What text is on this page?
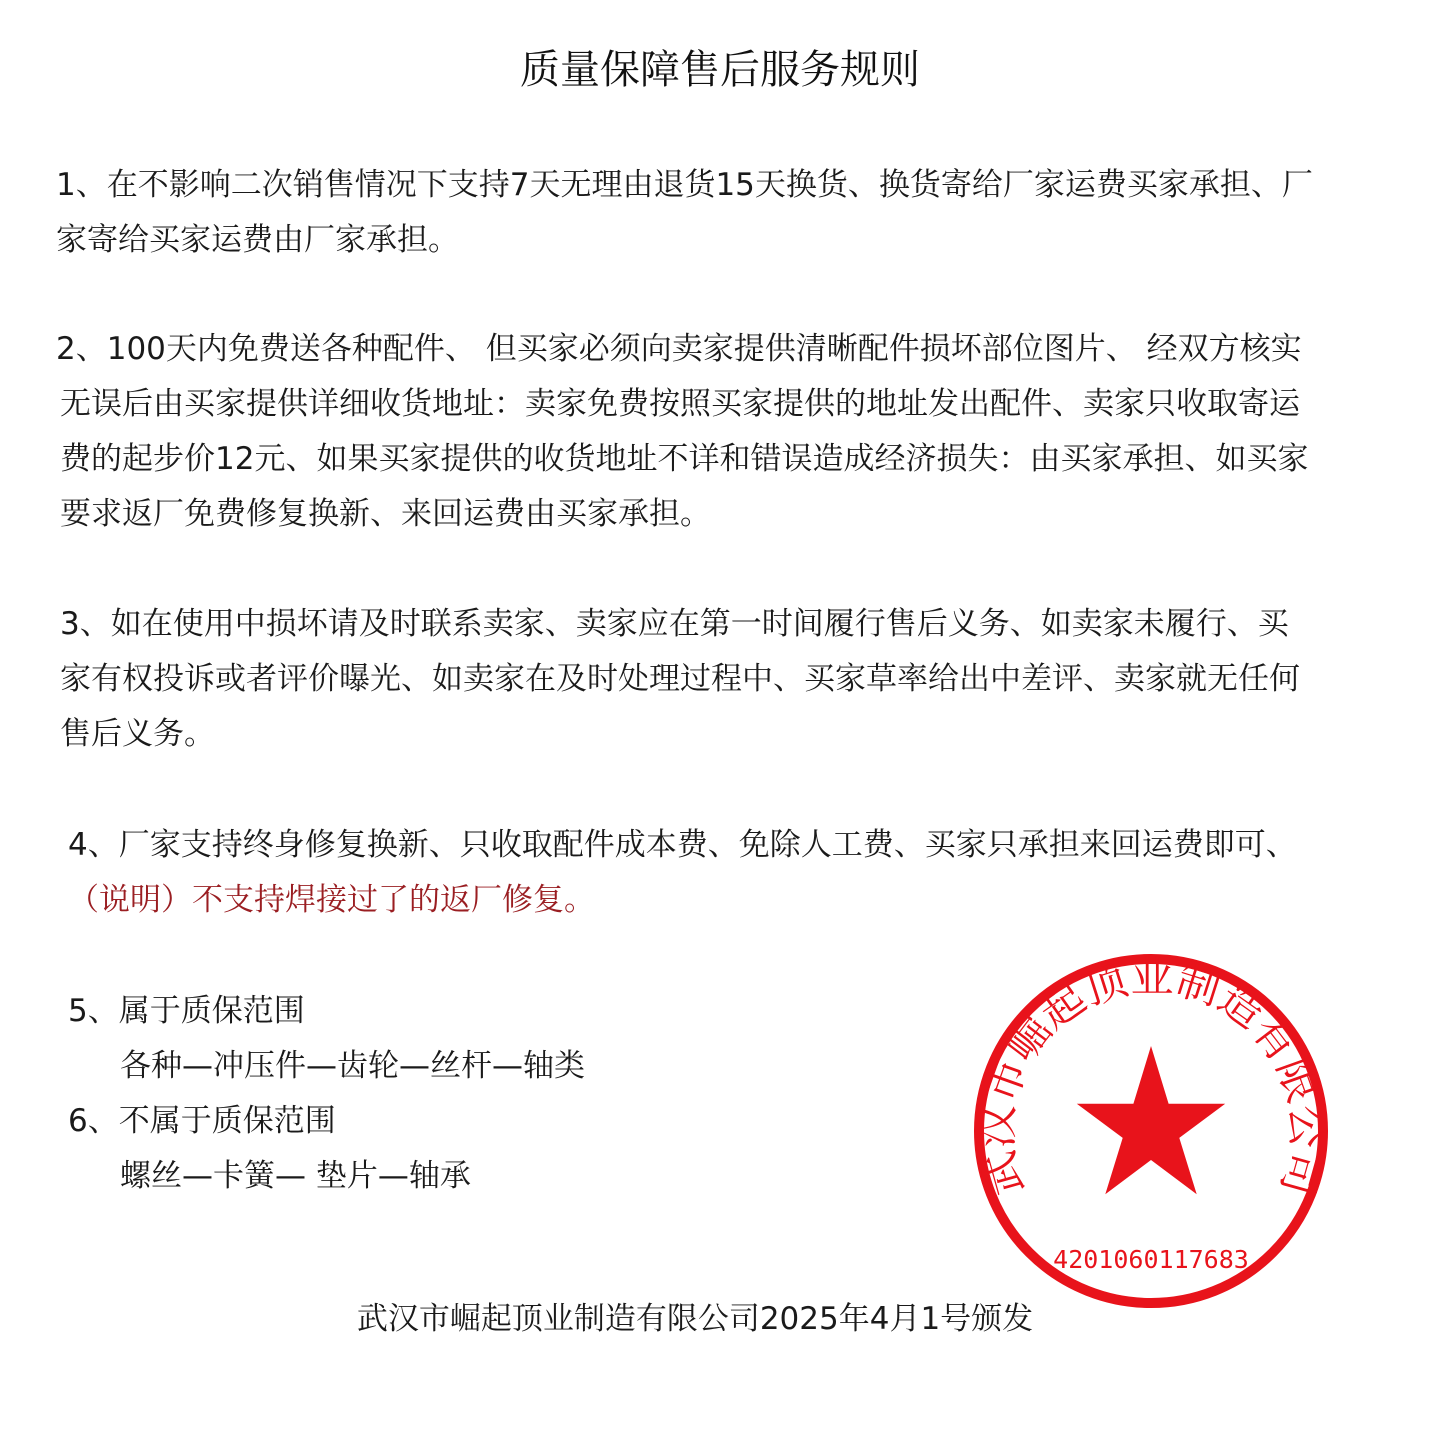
质量保障售后服务规则
1、在不影响二次销售情况下支持7天无理由退货15天换货、换货寄给厂家运费买家承担、厂
家寄给买家运费由厂家承担。
2、100天内免费送各种配件、 但买家必须向卖家提供清晰配件损坏部位图片、 经双方核实
无误后由买家提供详细收货地址：卖家免费按照买家提供的地址发出配件、卖家只收取寄运
费的起步价12元、如果买家提供的收货地址不详和错误造成经济损失：由买家承担、如买家
要求返厂免费修复换新、来回运费由买家承担。
3、如在使用中损坏请及时联系卖家、卖家应在第一时间履行售后义务、如卖家未履行、买
家有权投诉或者评价曝光、如卖家在及时处理过程中、买家草率给出中差评、卖家就无任何
售后义务。
4、厂家支持终身修复换新、只收取配件成本费、免除人工费、买家只承担来回运费即可、
（说明）不支持焊接过了的返厂修复。
5、属于质保范围
各种—冲压件—齿轮—丝杆—轴类
6、不属于质保范围
螺丝—卡簧— 垫片—轴承	武汉市崛起顶业制造有限公司
4201060117683
武汉市崛起顶业制造有限公司2025年4月1号颁发
